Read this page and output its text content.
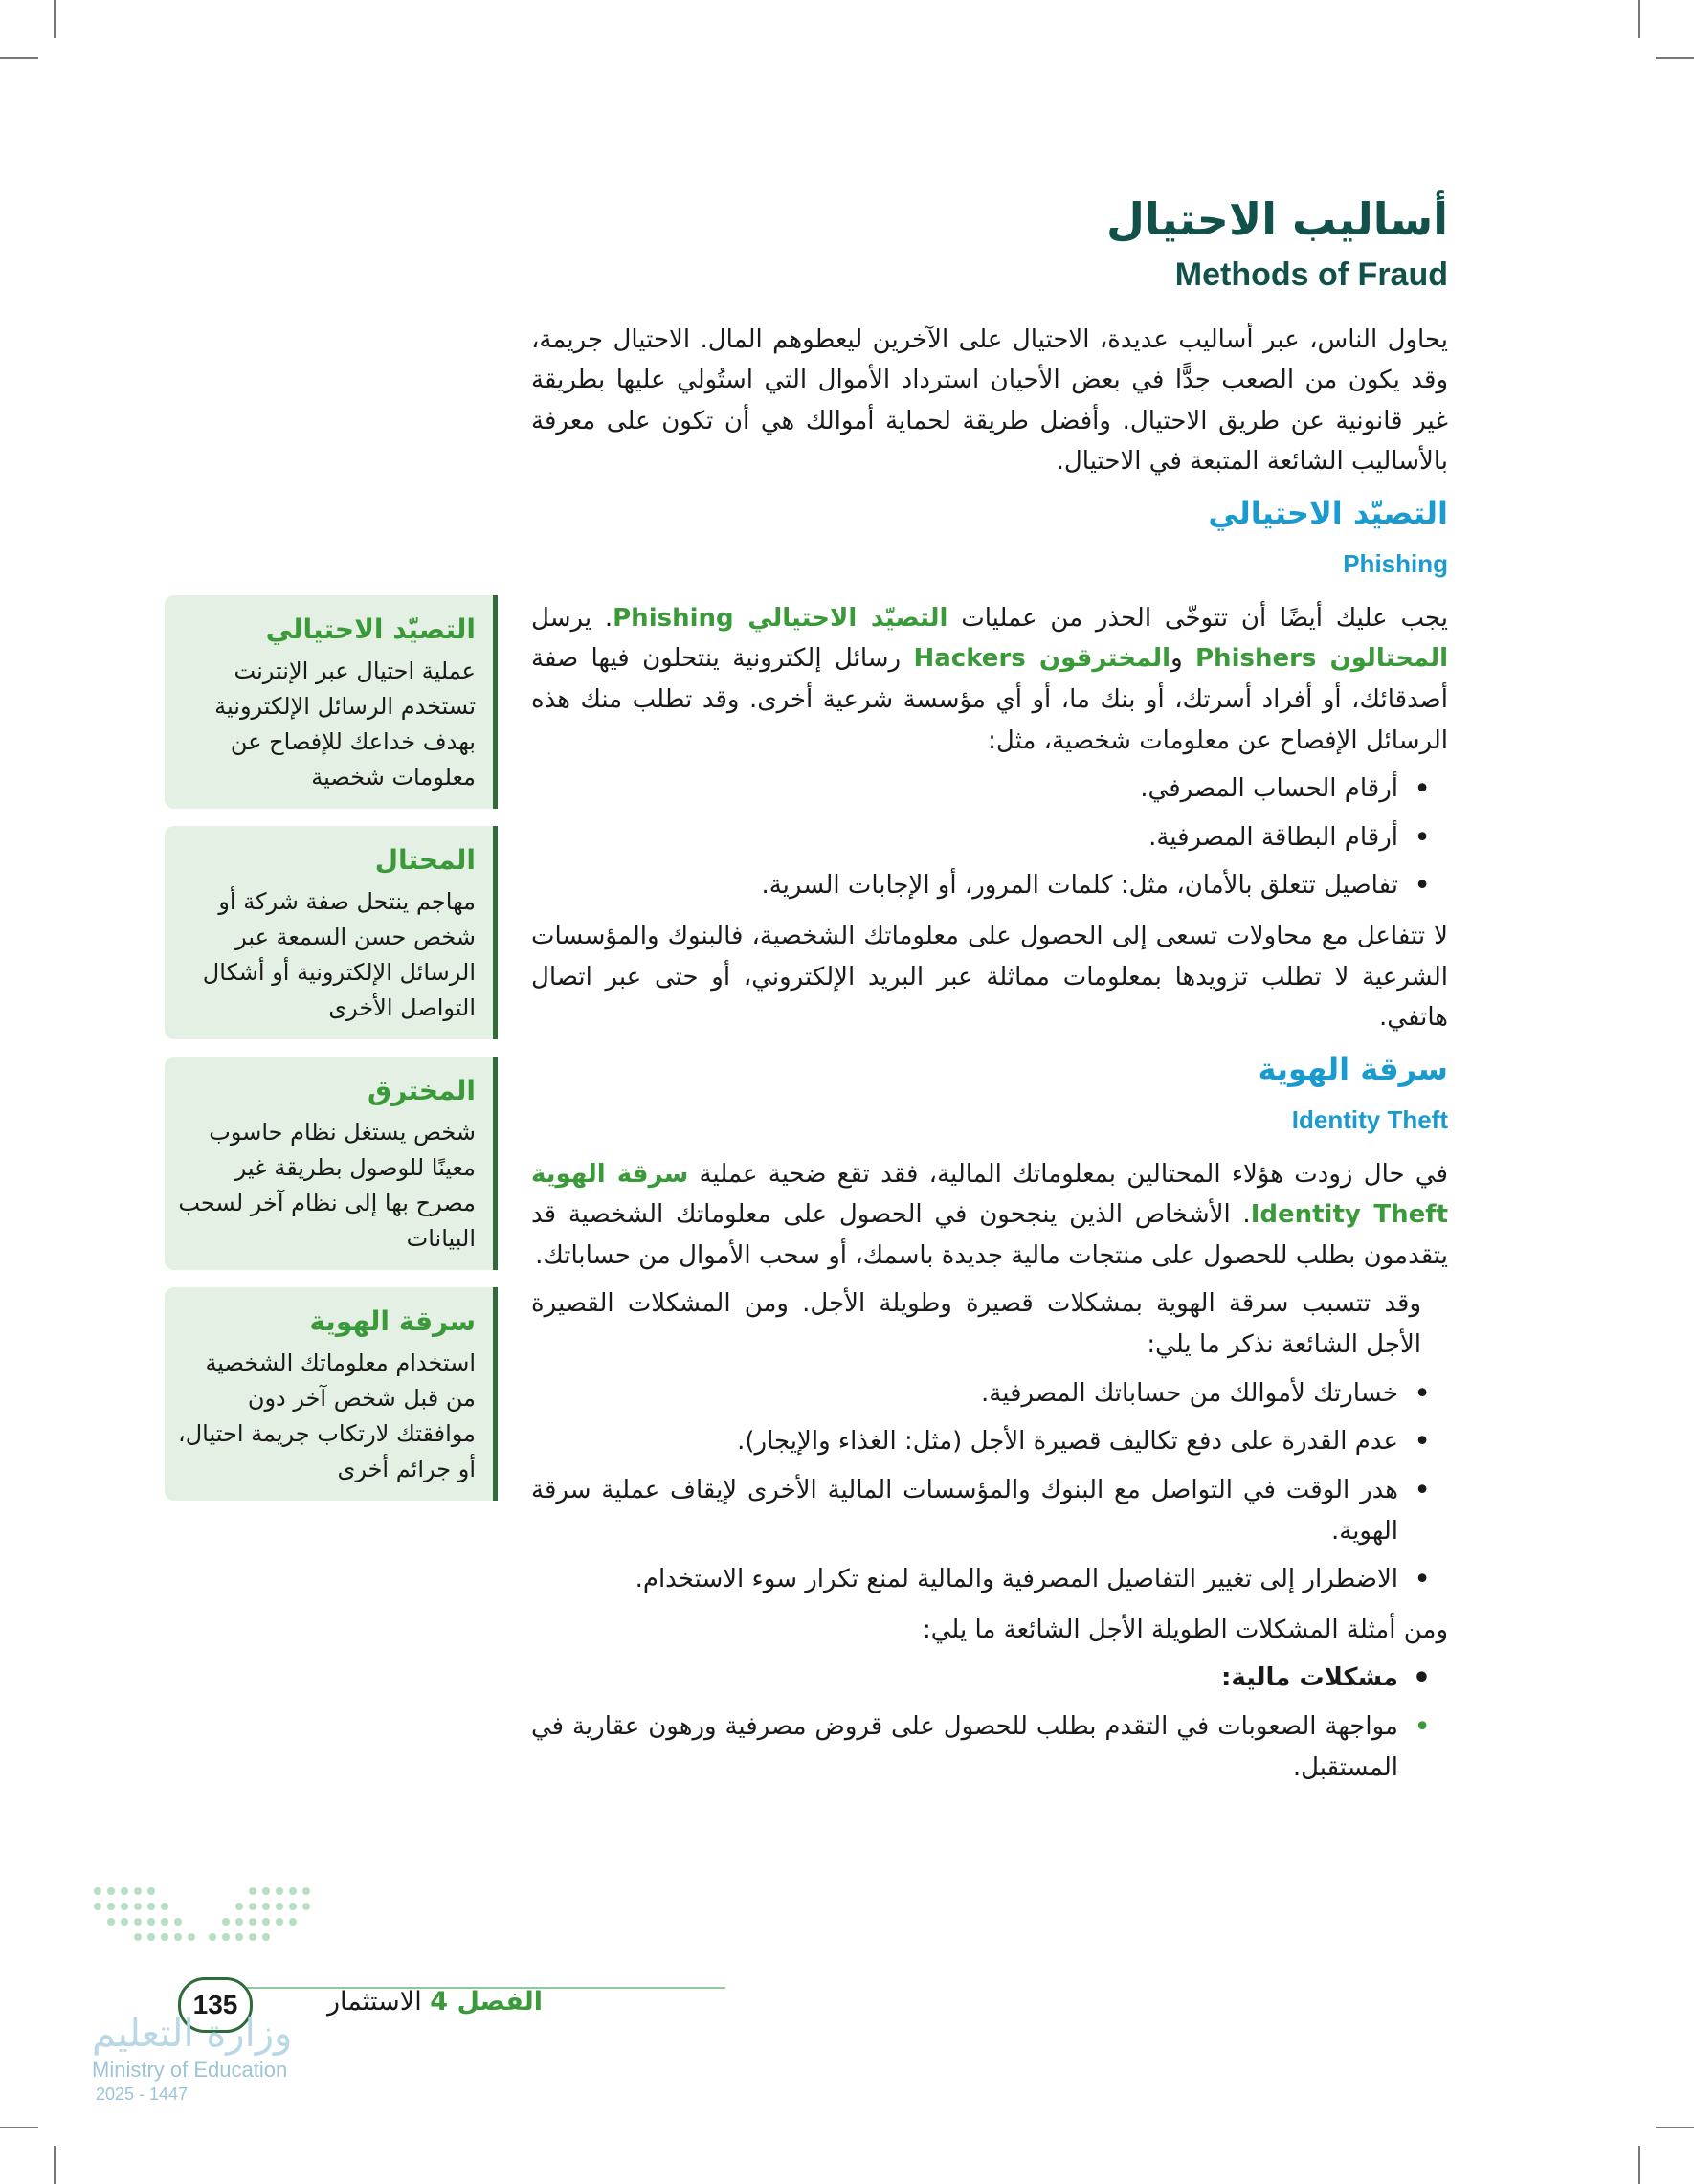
أساليب الاحتيال
Methods of Fraud

يحاول الناس، عبر أساليب عديدة، الاحتيال على الآخرين ليعطوهم المال. الاحتيال جريمة، وقد يكون من الصعب جدًّا في بعض الأحيان استرداد الأموال التي استُولي عليها بطريقة غير قانونية عن طريق الاحتيال. وأفضل طريقة لحماية أموالك هي أن تكون على معرفة بالأساليب الشائعة المتبعة في الاحتيال.

التصيّد الاحتيالي
Phishing

يجب عليك أيضًا أن تتوخّى الحذر من عمليات التصيّد الاحتيالي Phishing. يرسل المحتالون Phishers والمخترقون Hackers رسائل إلكترونية ينتحلون فيها صفة أصدقائك، أو أفراد أسرتك، أو بنك ما، أو أي مؤسسة شرعية أخرى. وقد تطلب منك هذه الرسائل الإفصاح عن معلومات شخصية، مثل:

• أرقام الحساب المصرفي.
• أرقام البطاقة المصرفية.
• تفاصيل تتعلق بالأمان، مثل: كلمات المرور، أو الإجابات السرية.

لا تتفاعل مع محاولات تسعى إلى الحصول على معلوماتك الشخصية، فالبنوك والمؤسسات الشرعية لا تطلب تزويدها بمعلومات مماثلة عبر البريد الإلكتروني، أو حتى عبر اتصال هاتفي.

سرقة الهوية
Identity Theft

في حال زودت هؤلاء المحتالين بمعلوماتك المالية، فقد تقع ضحية عملية سرقة الهوية Identity Theft. الأشخاص الذين ينجحون في الحصول على معلوماتك الشخصية قد يتقدمون بطلب للحصول على منتجات مالية جديدة باسمك، أو سحب الأموال من حساباتك.

وقد تتسبب سرقة الهوية بمشكلات قصيرة وطويلة الأجل. ومن المشكلات القصيرة الأجل الشائعة نذكر ما يلي:

• خسارتك لأموالك من حساباتك المصرفية.
• عدم القدرة على دفع تكاليف قصيرة الأجل (مثل: الغذاء والإيجار).
• هدر الوقت في التواصل مع البنوك والمؤسسات المالية الأخرى لإيقاف عملية سرقة الهوية.
• الاضطرار إلى تغيير التفاصيل المصرفية والمالية لمنع تكرار سوء الاستخدام.

ومن أمثلة المشكلات الطويلة الأجل الشائعة ما يلي:

• مشكلات مالية:
• مواجهة الصعوبات في التقدم بطلب للحصول على قروض مصرفية ورهون عقارية في المستقبل.
التصيّد الاحتيالي

عملية احتيال عبر الإنترنت تستخدم الرسائل الإلكترونية بهدف خداعك للإفصاح عن معلومات شخصية

المحتال

مهاجم ينتحل صفة شركة أو شخص حسن السمعة عبر الرسائل الإلكترونية أو أشكال التواصل الأخرى

المخترق

شخص يستغل نظام حاسوب معينًا للوصول بطريقة غير مصرح بها إلى نظام آخر لسحب البيانات

سرقة الهوية

استخدام معلوماتك الشخصية من قبل شخص آخر دون موافقتك لارتكاب جريمة احتيال، أو جرائم أخرى

135	الفصل 4 الاستثمار
وزارة التعليم
Ministry of Education
2025 - 1447
